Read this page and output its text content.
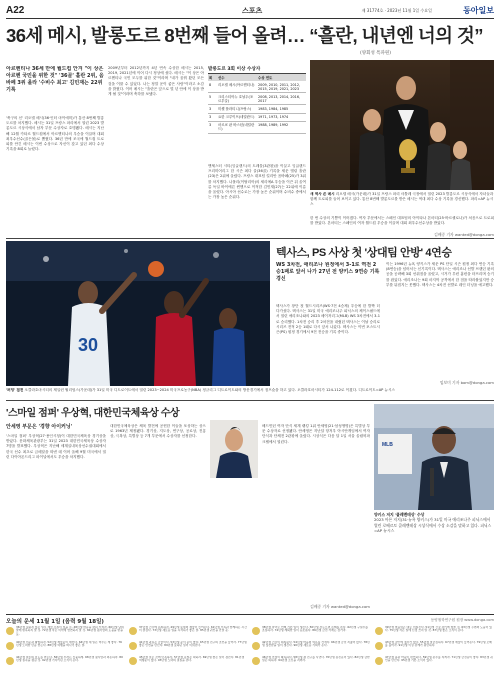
A22	스포츠	제 31774호 · 2023년 11월 1일 수요일	동아일보
36세 메시, 발롱도르 8번째 들어 올려… “흘란, 내년엔 너의 것”
(양회성 특파원)
아르헨티나 36세 만에 월드컵 안겨 "이 상은 아르헨 국민을 위한 것" '36골' 홀란 2위, 음바페 3위 올라 '수비수 최고' 김민재는 22위 기록
'축구의 신' 리오넬 메시(36·인터 마이애미)가 통산 8번째 발롱도르를 차지했다. 메시는 31일 프랑스 파리에서 열린 2023 발롱도르 시상식에서 남자 부문 수상자로 호명됐다. 메시는 지난해 12월 카타르 월드컵에서 아르헨티나의 우승을 이끌며 대회 최우수선수(골든볼)로 뽑혔다. 36년 만에 조국에 월드컵 트로피를 안긴 메시는 이번 수상으로 자신이 갖고 있던 최다 수상 기록을 8회로 늘렸다.
2009년부터 2012년까지 4년 연속 수상한 메시는 2015, 2019, 2021년에 이어 다시 정상에 섰다. 메시는 "이 상은 아르헨티나 국민 모두를 위한 것"이라며 "내가 꿈꿔 왔던 모든 것을 이룰 수 있었다. 나는 정말 운이 좋은 사람"이라고 소감을 밝혔다. 이어 메시는 "홀란은 앞으로 몇 년 안에 이 상을 받게 될 것"이라며 축하를 보냈다.
맨체스터 시티(잉글랜드)의 트레블(3관왕)을 이끌고 잉글랜드 프리미어리그 한 시즌 최다 골(36골) 기록을 세운 엘링 홀란(23)은 2위에 올랐다. 프랑스 대표팀 킬리안 음바페(25)가 3위를 차지했다. 나폴리(이탈리아)의 세리에A 우승을 이끈 뒤 올여름 독일 바이에른 뮌헨으로 이적한 김민재(27)는 22위에 이름을 올렸다. 아시아 선수로는 가장 높은 순위이며 수비수 중에서는 가장 높은 순위다.
발롱도르 3회 이상 수상자
회	선수	수상 연도
8	리오넬 메시(아르헨티나)	2009, 2010, 2011, 2012, 2015, 2019, 2021, 2023
5	크리스티아누 호날두(포르투갈)	2008, 2013, 2014, 2016, 2017
3	미셸 플라티니(프랑스)	1983, 1984, 1985
3	요한 크루이프(네덜란드)	1971, 1973, 1974
3	마르코 판 바스턴(네덜란드)	1988, 1989, 1992
새 역사 쓴 메시 리오넬 메시(가운데)가 31일 프랑스 파리 샤틀레 극장에서 열린 2023 발롱도르 시상식에서 자녀들과 함께 트로피를 들어 보이고 있다. 통산 8번째 발롱도르를 받은 메시는 역대 최다 수상 기록을 경신했다. 파리=AP 뉴시스
한 번 수상의 기쁨이 이어졌다. 여자 부문에서는 스페인 대표팀의 아이타나 본마티(25·바르셀로나)가 처음으로 트로피를 받았다. 본마티는 스페인의 여자 월드컵 우승을 이끌며 대회 최우수선수상을 받았다.
김배중 기자 wanted@donga.com
30
'퍼덩' 접전 오클라호마시티의 제일런 윌리엄스(가운데)가 31일 미국 디트로이트에서 열린 2023~2024 미국프로농구(NBA) 정규리그 디트로이트와의 방문경기에서 점프슛을 하고 있다. 오클라호마시티가 124-112로 이겼다. 디트로이트=AP 뉴시스
텍사스, PS 사상 첫 '상대팀 안방' 4연승
WS 3차전, 애리조나 원정에서 3-1로 역전 2승1패로 앞서 나가 27년 전 양키스 9연승 기록 경신
텍사스가 창단 첫 월드시리즈(WS·7전 4승제) 우승에 한 발짝 더 다가섰다. 텍사스는 31일 미국 애리조나주 피닉스의 체이스필드에서 열린 애리조나와의 2023 메이저리그(MLB) WS 3차전에서 3-1로 승리했다. 1차전 승리 후 2차전을 내줬던 텍사스는 이날 승리로 시리즈 전적 2승 1패로 다시 앞서 나갔다. 텍사스는 이번 포스트시즌(PS) 원정 경기에서 9전 전승을 기록 중이다.
이는 1996년 뉴욕 양키스가 세운 PS 단일 시즌 원정 최다 연승 기록(8연승)을 넘어서는 신기록이다. 텍사스는 애리조나 선발 브랜던 팟의 공을 공략해 3회 선취점을 올렸고, 시거가 투런 홈런을 터뜨리며 승기를 잡았다. 애리조나는 9회 마지막 공격에서 한 점을 따라붙었지만 승부를 뒤집지는 못했다. 텍사스는 4차전 선발로 데인 더닝을 예고했다.
임보미 기자 bom@donga.com
'스마일 점퍼' 우상혁, 대한민국체육상 수상
안세영 부문은 '경향 아이커닝'
'스마일 점퍼' 우상혁(27·용인시청)이 대한민국체육상 경기상을 받았다. 문화체육관광부는 31일 2023 대한민국체육상 수상자 7명을 발표했다. 우상혁은 지난해 세계실내육상선수권대회에서 한국 선수 최초로 금메달을 따낸 데 이어 올해 9월 미국에서 열린 다이아몬드리그 파이널에서도 우승을 차지했다.
대한민국체육상은 체육 발전에 공헌한 이들을 포상하는 상으로 1963년 제정됐다. 경기상, 지도상, 연구상, 공로상, 진흥상, 극복상, 특별상 등 7개 부문에서 수상자를 선정한다.
배드민턴 여자 단식 세계 랭킹 1위 안세영(21·삼성생명)은 특별상 부문 수상자로 선정됐다. 안세영은 지난달 항저우 아시안게임에서 여자 단식과 단체전 2관왕에 올랐다. 시상식은 다음 달 1일 서울 올림픽파크텔에서 열린다.
김배중 기자 wanted@donga.com
MLB
양키스 저지 '클레멘테상' 수상
2023 아론 저지(31·뉴욕 양키스)가 31일 미국 애리조나주 피닉스에서 열린 로베르토 클레멘테상 시상식에서 수상 소감을 말하고 있다. 피닉스=AP 뉴시스
오늘의 운세 11월 1일 (음력 9월 18일)	동양철학연구원 원장 www.donga.com
36년생 뜻하지 않은 일로 재물 손실이 있을 수. 48년생 마음을 편히 가져라. 60년생 남의 말에 현혹되지 말 것. 72년생 작은 이익에 연연하지 말 것. 84년생 윗사람의 도움을 받을 듯.
37년생 건강에 유의하라. 49년생 뜻밖의 재물이 들어온다. 61년생 가족과 함께하는 시간이 즐겁다. 73년생 새로운 일을 시작하기 좋은 날. 85년생 귀인을 만날 운.
38년생 자녀로 인해 기쁜 일이 생긴다. 50년생 서두르면 손해를 본다. 62년생 구설수를 조심하라. 74년생 계획한 일이 순조롭다. 86년생 금전 거래는 삼가라.
39년생 마음먹은 대로 이뤄진다. 51년생 건강 관리에 힘쓸 것. 63년생 주변의 도움이 있다. 75년생 작은 일에 신경 쓰지 말 것. 87년생 좋은 소식이 온다.
40년생 이웃과 화합하라. 52년생 재물운이 따른다. 64년생 새 일은 미루는 게 좋다. 76년생 노력한 만큼 얻는다. 88년생 여행을 떠나기 좋은 날.
41년생 과욕은 금물이다. 53년생 문서 운이 좋다. 65년생 친구의 조언을 들어라. 77년생 좋은 인연을 만난다. 89년생 뜻하던 일이 이뤄진다.
42년생 건강이 회복된다. 54년생 마음의 여유를 가져라. 66년생 금전 지출이 많다. 78년생 칭찬받을 일이 생긴다. 90년생 새로운 기회가 온다.
43년생 집안에 경사가 있다. 55년생 말조심하라. 67년생 재물이 들어온다. 79년생 오해를 풀어라. 91년생 이성 관계가 원만하다.
44년생 자손의 효도를 받는다. 56년생 투자는 신중하게. 68년생 윗사람과 의논하라. 80년생 실속을 챙길 것. 92년생 기다리던 소식이 온다.
45년생 작은 것에 만족하라. 57년생 동업은 피하라. 69년생 좋은 일이 겹친다. 81년생 여행운이 있다. 93년생 노력의 결실을 본다.
46년생 가정이 화목하다. 58년생 새 친구를 사귄다. 70년생 승진운이 있다. 82년생 급한 일은 피하라. 94년생 소신을 지켜라.
47년생 몸과 마음이 편안하다. 59년생 분수를 지켜라. 71년생 금전운이 좋다. 83년생 귀인을 만난다. 95년생 기쁜 소식이 있다.
